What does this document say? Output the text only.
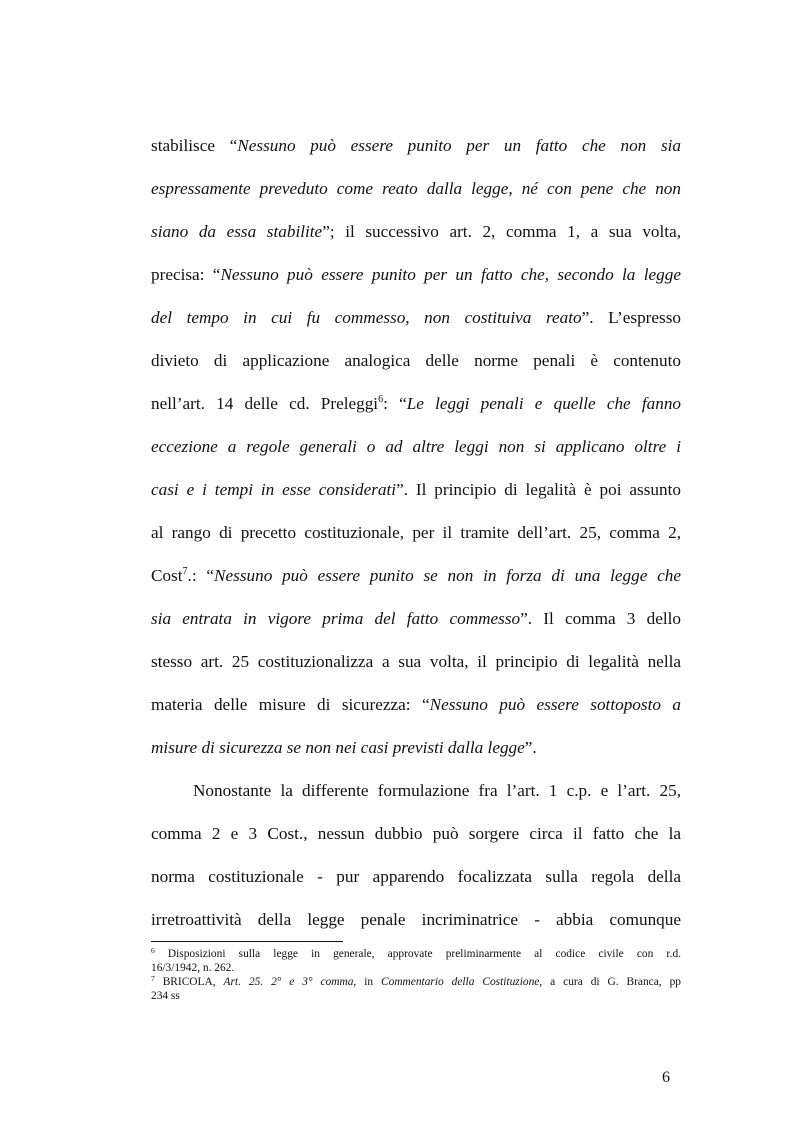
stabilisce “Nessuno può essere punito per un fatto che non sia
espressamente preveduto come reato dalla legge, né con pene che non
siano da essa stabilite”; il successivo art. 2, comma 1, a sua volta,
precisa: “Nessuno può essere punito per un fatto che, secondo la legge
del tempo in cui fu commesso, non costituiva reato”. L’espresso
divieto di applicazione analogica delle norme penali è contenuto
nell’art. 14 delle cd. Preleggi$^6$: “Le leggi penali e quelle che fanno
eccezione a regole generali o ad altre leggi non si applicano oltre i
casi e i tempi in esse considerati”. Il principio di legalità è poi assunto
al rango di precetto costituzionale, per il tramite dell’art. 25, comma 2,
Cost$^7$.: “Nessuno può essere punito se non in forza di una legge che
sia entrata in vigore prima del fatto commesso”. Il comma 3 dello
stesso art. 25 costituzionalizza a sua volta, il principio di legalità nella
materia delle misure di sicurezza: “Nessuno può essere sottoposto a
misure di sicurezza se non nei casi previsti dalla legge”.
Nonostante la differente formulazione fra l’art. 1 c.p. e l’art. 25,
comma 2 e 3 Cost., nessun dubbio può sorgere circa il fatto che la
norma costituzionale - pur apparendo focalizzata sulla regola della
irretroattività della legge penale incriminatrice - abbia comunque
$^6$ Disposizioni sulla legge in generale, approvate preliminarmente al codice civile con r.d.
16/3/1942, n. 262.
$^7$ BRICOLA, Art. 25. 2° e 3° comma, in Commentario della Costituzione, a cura di G. Branca, pp
234 ss
6
